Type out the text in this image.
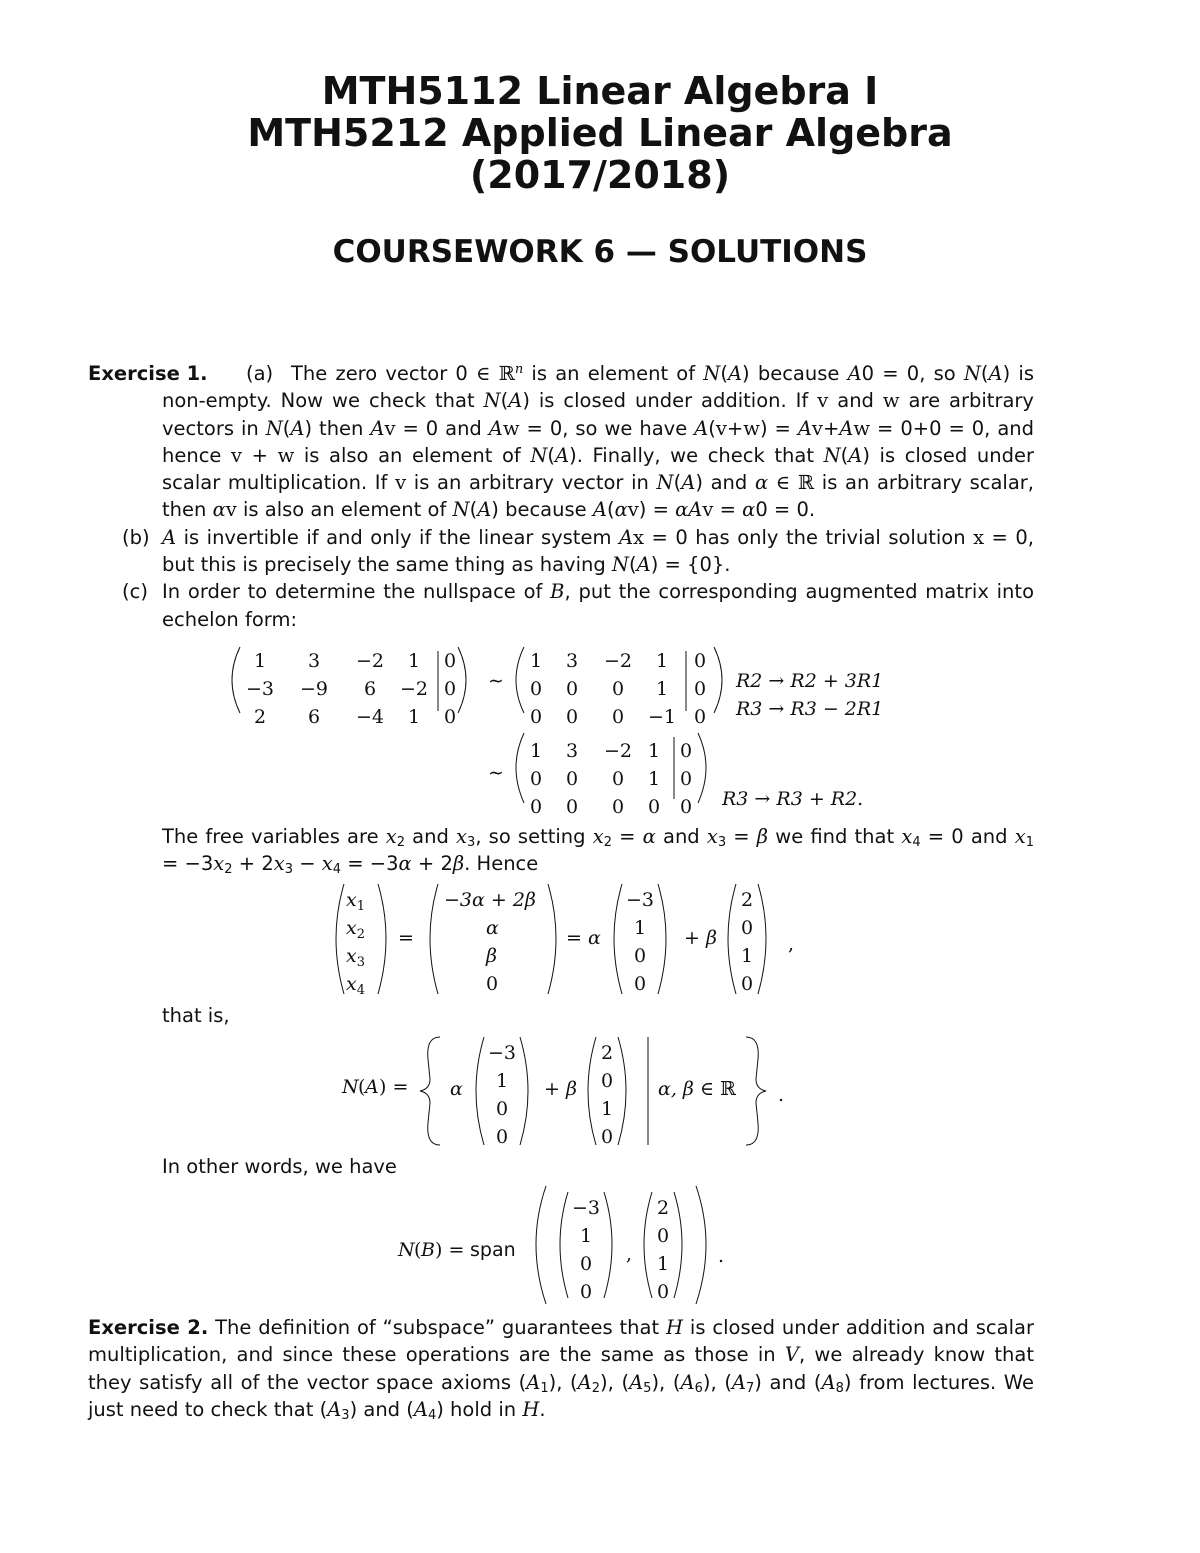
MTH5112 Linear Algebra I
MTH5212 Applied Linear Algebra
(2017/2018)
COURSEWORK 6 — SOLUTIONS
Exercise 1. (a) The zero vector 0 ∈ ℝ$^n$ is an element of N(A) because A0 = 0, so N(A) is non-empty. Now we check that N(A) is closed under addition. If v and w are arbitrary vectors in N(A) then Av = 0 and Aw = 0, so we have A(v+w) = Av+Aw = 0+0 = 0, and hence v + w is also an element of N(A). Finally, we check that N(A) is closed under scalar multiplication. If v is an arbitrary vector in N(A) and α ∈ ℝ is an arbitrary scalar, then αv is also an element of N(A) because A(αv) = αAv = α0 = 0.

(b) A is invertible if and only if the linear system Ax = 0 has only the trivial solution x = 0, but this is precisely the same thing as having N(A) = {0}.

(c) In order to determine the nullspace of B, put the corresponding augmented matrix into echelon form:

1 3 −2 1 0
−3 −9 6 −2 0
2 6 −4 1 0
∼
1 3 −2 1 0
0 0 0 1 0
0 0 0 −1 0
R2 → R2 + 3R1
R3 → R3 − 2R1
∼
1 3 −2 1 0
0 0 0 1 0
0 0 0 0 0 R3 → R3 + R2.

The free variables are $x_2$ and $x_3$, so setting $x_2 = \alpha$ and $x_3 = \beta$ we find that $x_4 = 0$ and $x_1 = -3x_2 + 2x_3 - x_4 = -3\alpha + 2\beta$. Hence

$x_1$
$x_2$
$x_3$
$x_4$
=
−3α + 2β
α
β
0
= α
−3
1
0
0
+ β
2
0
1
0
,

that is,

N ( A ) = α
−3
1
0
0
+ β
2
0
1
0
α, β ∈ ℝ .

In other words, we have

N ( B ) = span
−3
1
0
0
,
2
0
1
0
.

Exercise 2. The definition of “subspace” guarantees that H is closed under addition and scalar multiplication, and since these operations are the same as those in V, we already know that they satisfy all of the vector space axioms $(A_1)$, $(A_2)$, $(A_5)$, $(A_6)$, $(A_7)$ and $(A_8)$ from lectures. We just need to check that $(A_3)$ and $(A_4)$ hold in H.
